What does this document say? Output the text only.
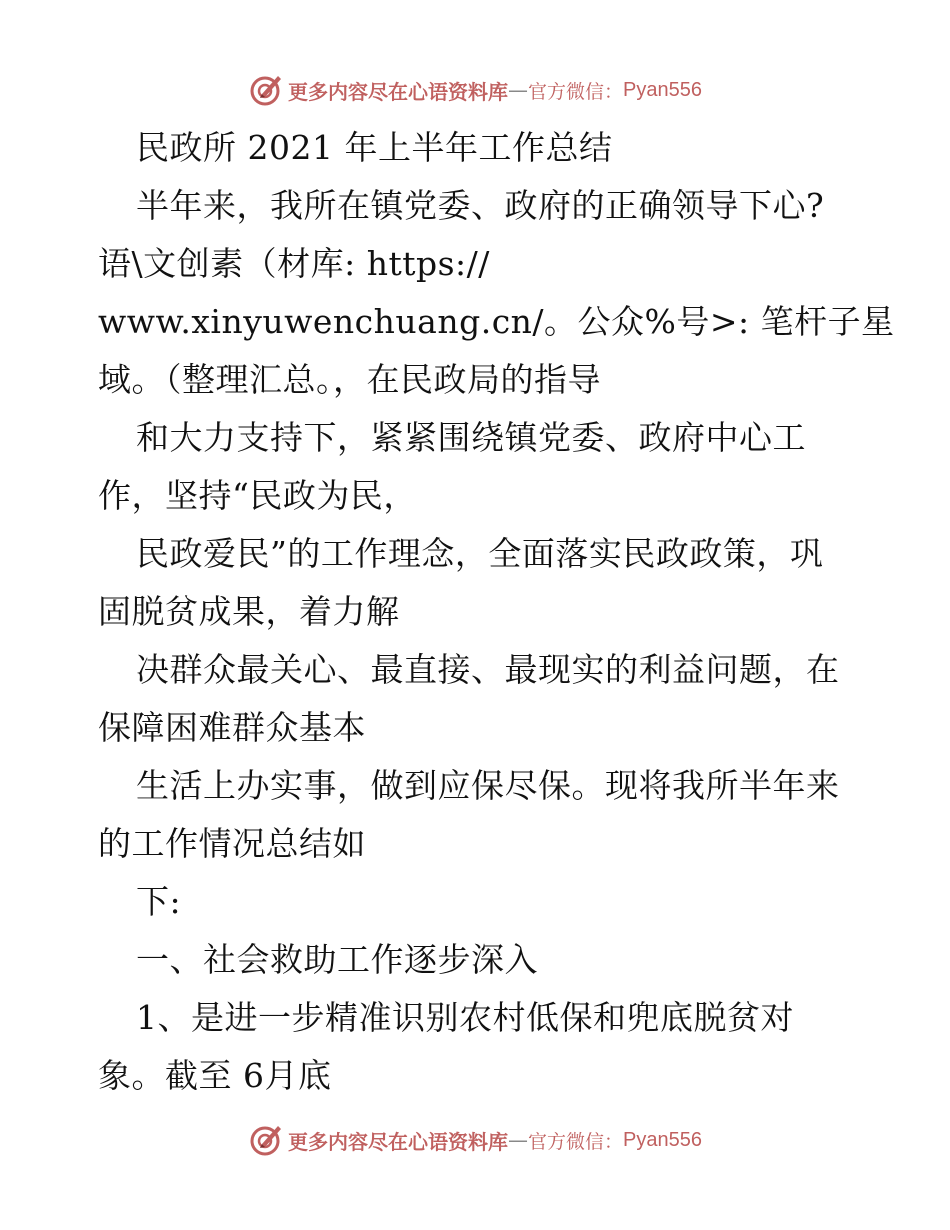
更多内容尽在心语资料库 — 官方微信： Pyan556
民政所 2021 年上半年工作总结
半年来，我所在镇党委、政府的正确领导下心?
语\文创素（材库: https://
www.xinyuwenchuang.cn/。公众%号>: 笔杆子星
域。（整理汇总。，在民政局的指导
和大力支持下，紧紧围绕镇党委、政府中心工
作，坚持“民政为民，
民政爱民”的工作理念，全面落实民政政策，巩
固脱贫成果，着力解
决群众最关心、最直接、最现实的利益问题，在
保障困难群众基本
生活上办实事，做到应保尽保。现将我所半年来
的工作情况总结如
下:
一、社会救助工作逐步深入
1、是进一步精准识别农村低保和兜底脱贫对
象。截至 6月底
更多内容尽在心语资料库 — 官方微信： Pyan556
